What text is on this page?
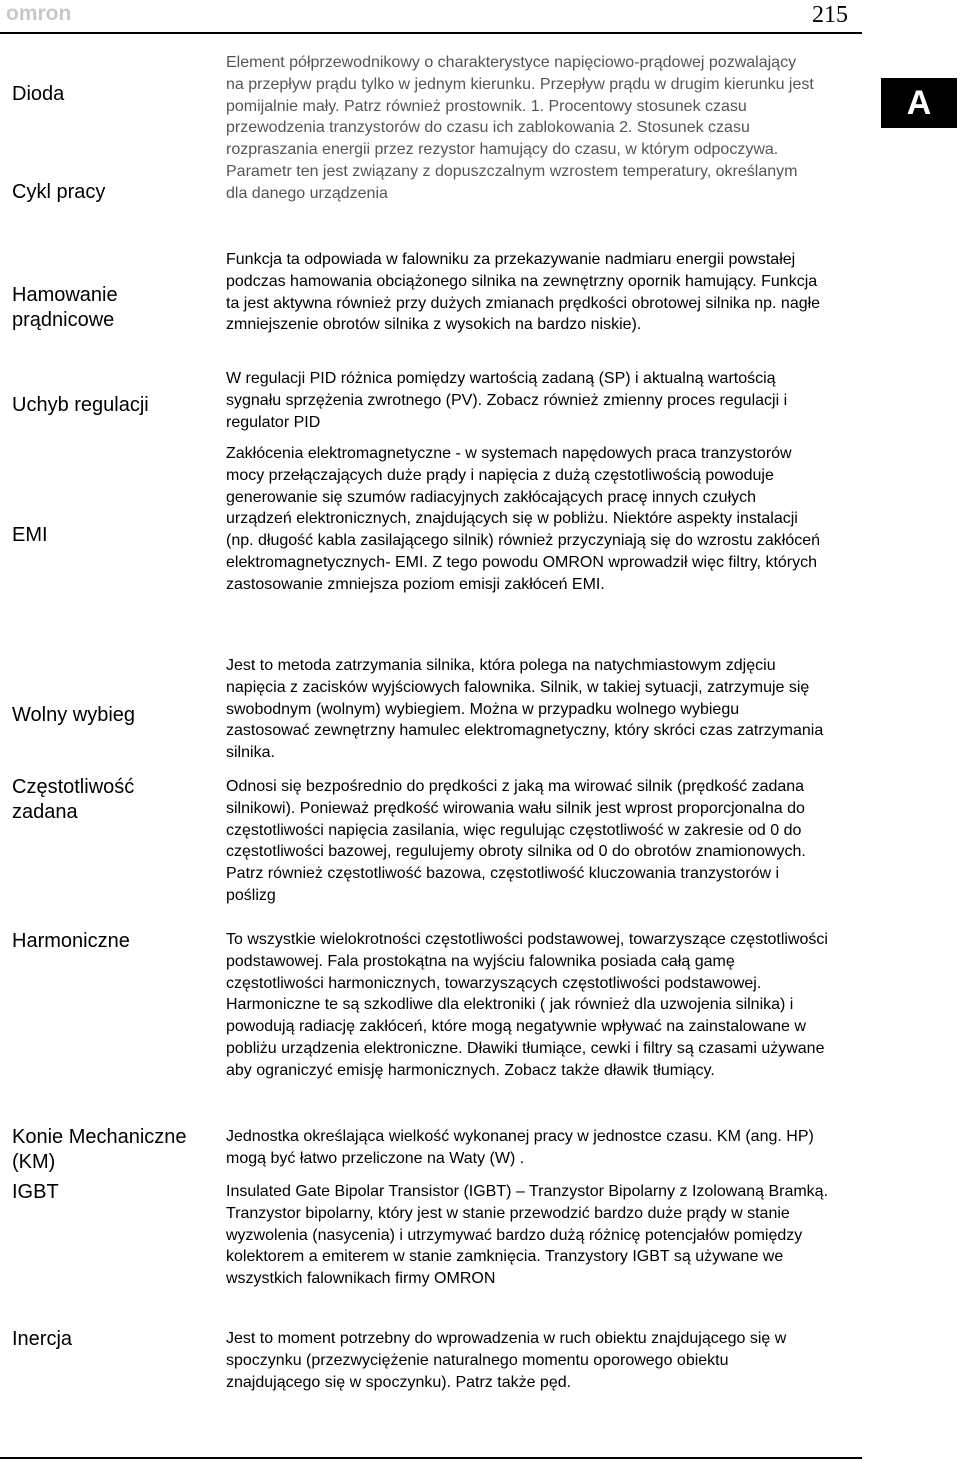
omron	215
A
Dioda
Cykl pracy
Hamowanie prądnicowe
Uchyb regulacji
EMI
Wolny wybieg
Częstotliwość zadana
Harmoniczne
Konie Mechaniczne (KM)
IGBT
Inercja
Element półprzewodnikowy o charakterystyce napięciowo-prądowej pozwalający na przepływ prądu tylko w jednym kierunku. Przepływ prądu w drugim kierunku jest pomijalnie mały. Patrz również prostownik. 1. Procentowy stosunek czasu przewodzenia tranzystorów do czasu ich zablokowania 2. Stosunek czasu rozpraszania energii przez rezystor hamujący do czasu, w którym odpoczywa. Parametr ten jest związany z dopuszczalnym wzrostem temperatury, określanym dla danego urządzenia
Funkcja ta odpowiada w falowniku za przekazywanie nadmiaru energii powstałej podczas hamowania obciążonego silnika na zewnętrzny opornik hamujący. Funkcja ta jest aktywna również przy dużych zmianach prędkości obrotowej silnika np. nagłe zmniejszenie obrotów silnika z wysokich na bardzo niskie).
W regulacji PID różnica pomiędzy wartością zadaną (SP) i aktualną wartością sygnału sprzężenia zwrotnego (PV). Zobacz również zmienny proces regulacji i regulator PID
Zakłócenia elektromagnetyczne - w systemach napędowych praca tranzystorów mocy przełączających duże prądy i napięcia z dużą częstotliwością powoduje generowanie się szumów radiacyjnych zakłócających pracę innych czułych urządzeń elektronicznych, znajdujących się w pobliżu. Niektóre aspekty instalacji (np. długość kabla zasilającego silnik) również przyczyniają się do wzrostu zakłóceń elektromagnetycznych- EMI. Z tego powodu OMRON wprowadził więc filtry, których zastosowanie zmniejsza poziom emisji zakłóceń EMI.
Jest to metoda zatrzymania silnika, która polega na natychmiastowym zdjęciu napięcia z zacisków wyjściowych falownika. Silnik, w takiej sytuacji, zatrzymuje się swobodnym (wolnym) wybiegiem. Można w przypadku wolnego wybiegu zastosować zewnętrzny hamulec elektromagnetyczny, który skróci czas zatrzymania silnika.
Odnosi się bezpośrednio do prędkości z jaką ma wirować silnik (prędkość zadana silnikowi). Ponieważ prędkość wirowania wału silnik jest wprost proporcjonalna do częstotliwości napięcia zasilania, więc regulując częstotliwość w zakresie od 0 do częstotliwości bazowej, regulujemy obroty silnika od 0 do obrotów znamionowych. Patrz również częstotliwość bazowa, częstotliwość kluczowania tranzystorów i poślizg
To wszystkie wielokrotności częstotliwości podstawowej, towarzyszące częstotliwości podstawowej. Fala prostokątna na wyjściu falownika posiada całą gamę częstotliwości harmonicznych, towarzyszących częstotliwości podstawowej. Harmoniczne te są szkodliwe dla elektroniki ( jak również dla uzwojenia silnika) i powodują radiację zakłóceń, które mogą negatywnie wpływać na zainstalowane w pobliżu urządzenia elektroniczne. Dławiki tłumiące, cewki i filtry są czasami używane aby ograniczyć emisję harmonicznych. Zobacz także dławik tłumiący.
Jednostka określająca wielkość wykonanej pracy w jednostce czasu. KM (ang. HP) mogą być łatwo przeliczone na Waty (W) .
Insulated Gate Bipolar Transistor (IGBT) – Tranzystor Bipolarny z Izolowaną Bramką. Tranzystor bipolarny, który jest w stanie przewodzić bardzo duże prądy w stanie wyzwolenia (nasycenia) i utrzymywać bardzo dużą różnicę potencjałów pomiędzy kolektorem a emiterem w stanie zamknięcia. Tranzystory IGBT są używane we wszystkich falownikach firmy OMRON
Jest to moment potrzebny do wprowadzenia w ruch obiektu znajdującego się w spoczynku (przezwyciężenie naturalnego momentu oporowego obiektu znajdującego się w spoczynku). Patrz także pęd.
